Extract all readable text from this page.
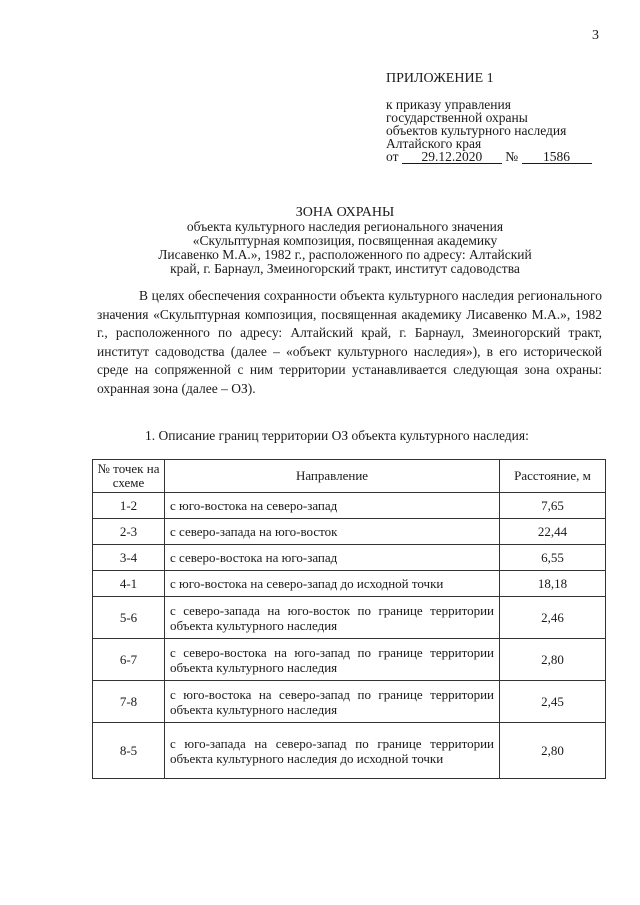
3
ПРИЛОЖЕНИЕ 1
к приказу управления
государственной охраны
объектов культурного наследия
Алтайского края
от 29.12.2020 № 1586
ЗОНА ОХРАНЫ
объекта культурного наследия регионального значения
«Скульптурная композиция, посвященная академику
Лисавенко М.А.», 1982 г., расположенного по адресу: Алтайский
край, г. Барнаул, Змеиногорский тракт, институт садоводства

В целях обеспечения сохранности объекта культурного наследия регионального значения «Скульптурная композиция, посвященная академику Лисавенко М.А.», 1982 г., расположенного по адресу: Алтайский край, г. Барнаул, Змеиногорский тракт, институт садоводства (далее – «объект культурного наследия»), в его исторической среде на сопряженной с ним территории устанавливается следующая зона охраны: охранная зона (далее – ОЗ).

1. Описание границ территории ОЗ объекта культурного наследия:
№ точек на схеме	Направление	Расстояние, м
1-2	с юго-востока на северо-запад	7,65
2-3	с северо-запада на юго-восток	22,44
3-4	с северо-востока на юго-запад	6,55
4-1	с юго-востока на северо-запад до исходной точки	18,18
5-6	с северо-запада на юго-восток по границе территории объекта культурного наследия	2,46
6-7	с северо-востока на юго-запад по границе территории объекта культурного наследия	2,80
7-8	с юго-востока на северо-запад по границе территории объекта культурного наследия	2,45
8-5	с юго-запада на северо-запад по границе территории объекта культурного наследия до исходной точки	2,80
